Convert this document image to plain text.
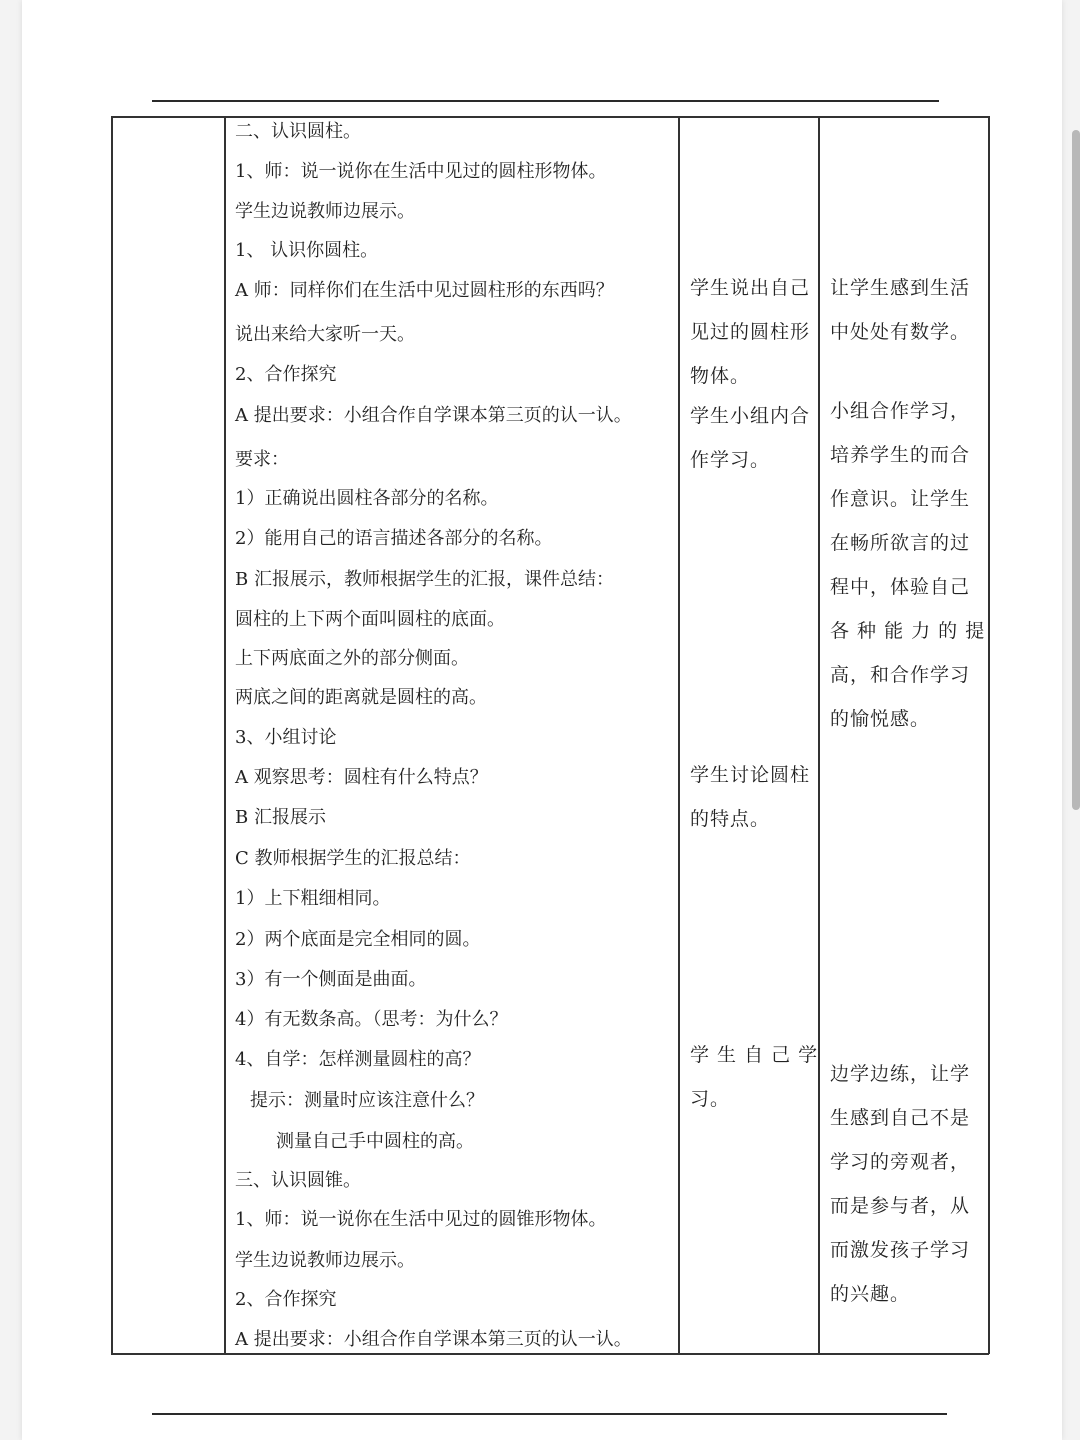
二、认识圆柱。
1、师：说一说你在生活中见过的圆柱形物体。
学生边说教师边展示。
1、 认识你圆柱。
A 师：同样你们在生活中见过圆柱形的东西吗？
说出来给大家听一天。
2、合作探究
A 提出要求：小组合作自学课本第三页的认一认。
要求：
1）正确说出圆柱各部分的名称。
2）能用自己的语言描述各部分的名称。
B 汇报展示，教师根据学生的汇报，课件总结：
圆柱的上下两个面叫圆柱的底面。
上下两底面之外的部分侧面。
两底之间的距离就是圆柱的高。
3、小组讨论
A 观察思考：圆柱有什么特点？
B 汇报展示
C 教师根据学生的汇报总结：
1）上下粗细相同。
2）两个底面是完全相同的圆。
3）有一个侧面是曲面。
4）有无数条高。（思考：为什么？
4、自学：怎样测量圆柱的高？
提示：测量时应该注意什么？
测量自己手中圆柱的高。
三、认识圆锥。
1、师：说一说你在生活中见过的圆锥形物体。
学生边说教师边展示。
2、合作探究
A 提出要求：小组合作自学课本第三页的认一认。
学生说出自己
见过的圆柱形
物体。
学生小组内合
作学习。
学生讨论圆柱
的特点。
学 生 自 己 学
习。
让学生感到生活
中处处有数学。
小组合作学习，
培养学生的而合
作意识。让学生
在畅所欲言的过
程中，体验自己
各 种 能 力 的 提
高，和合作学习
的愉悦感。
边学边练，让学
生感到自己不是
学习的旁观者，
而是参与者，从
而激发孩子学习
的兴趣。
